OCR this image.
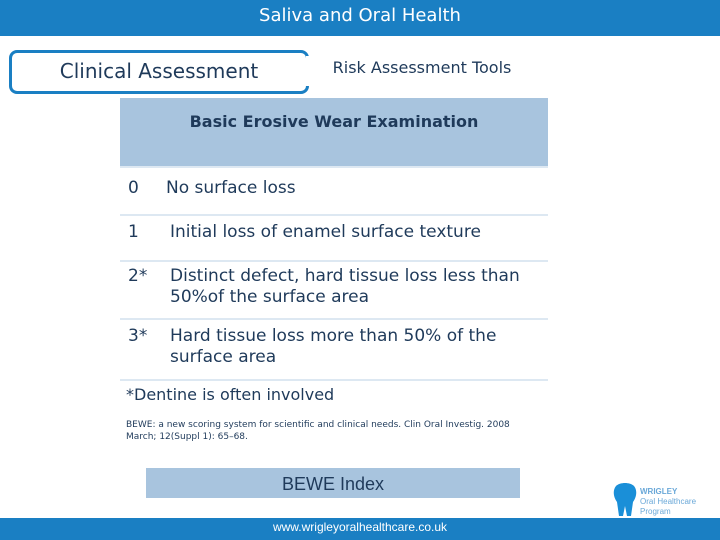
Saliva and Oral Health
Clinical Assessment	Risk Assessment Tools
Basic Erosive Wear Examination
0 No surface loss
1 Initial loss of enamel surface texture
2* Distinct defect, hard tissue loss less than 50%of the surface area
3* Hard tissue loss more than 50% of the surface area
*Dentine is often involved
BEWE: a new scoring system for scientific and clinical needs. Clin Oral Investig. 2008 March; 12(Suppl 1): 65–68.
BEWE Index	WRIGLEY
Oral Healthcare
Program
www.wrigleyoralhealthcare.co.uk
